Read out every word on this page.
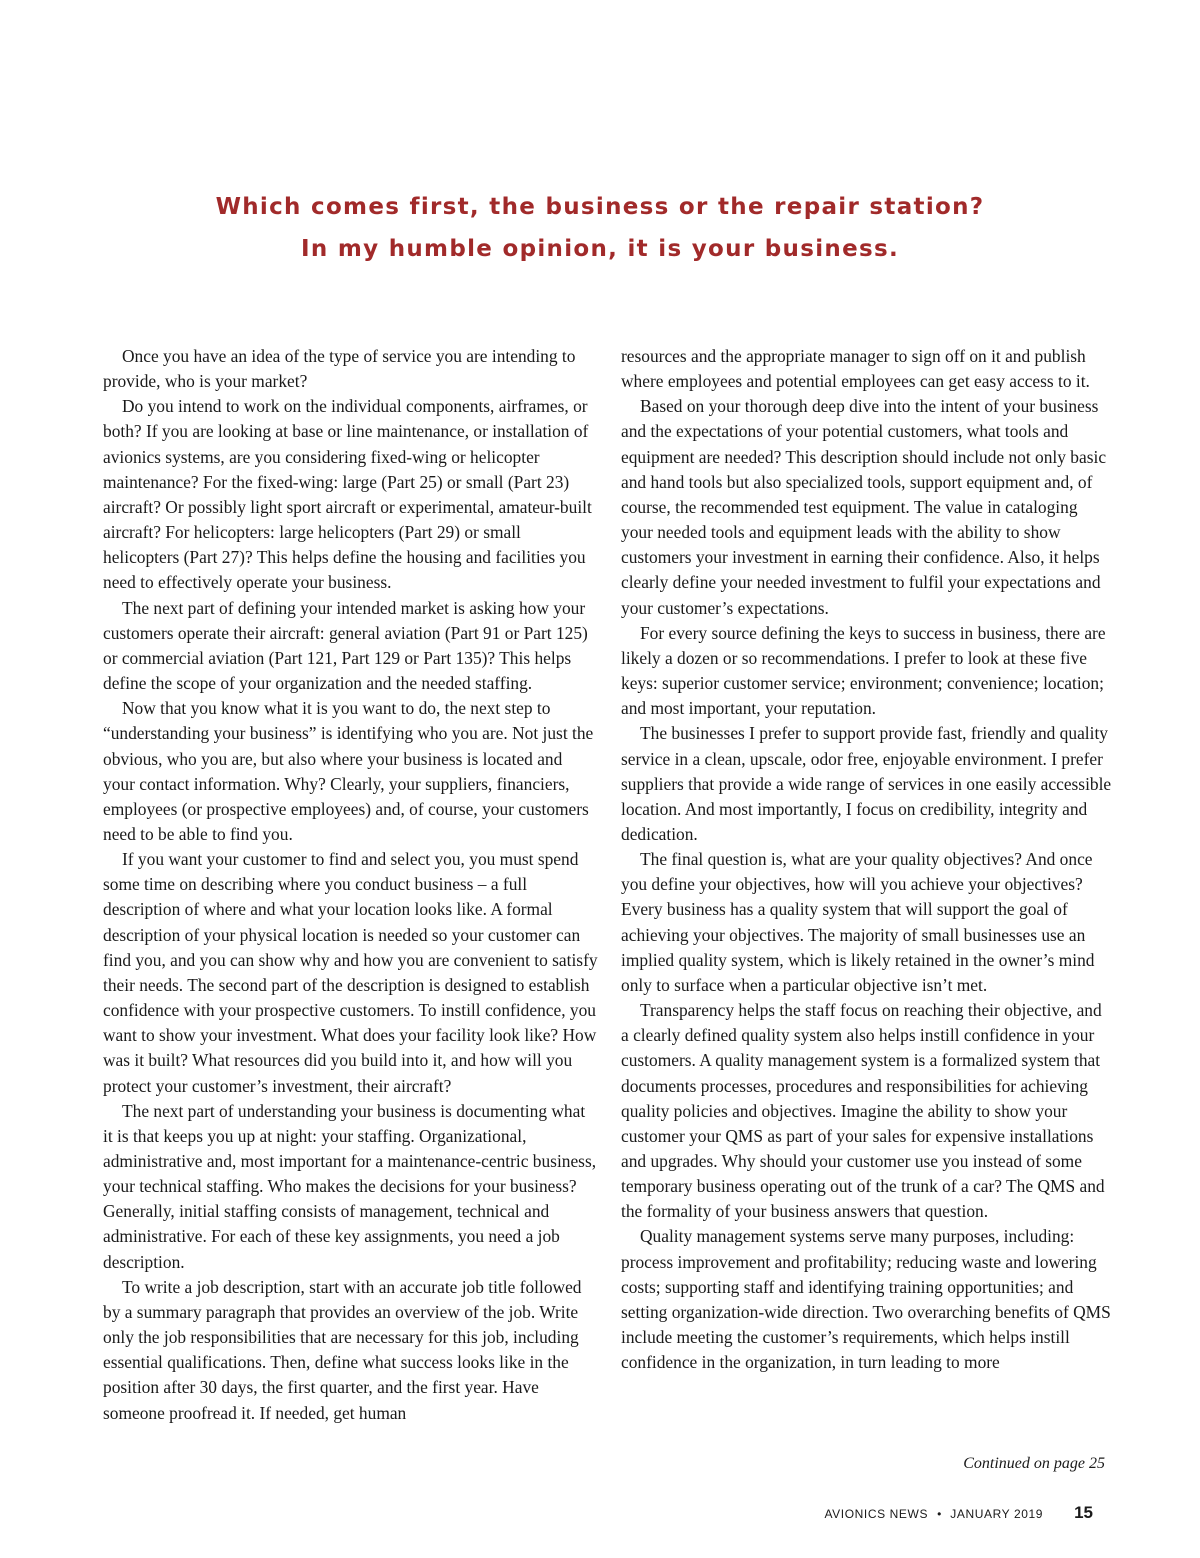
Which comes first, the business or the repair station?
In my humble opinion, it is your business.

Once you have an idea of the type of service you are intending to provide, who is your market?

Do you intend to work on the individual components, airframes, or both? If you are looking at base or line maintenance, or installation of avionics systems, are you considering fixed-wing or helicopter maintenance? For the fixed-wing: large (Part 25) or small (Part 23) aircraft? Or possibly light sport aircraft or experimental, amateur-built aircraft? For helicopters: large helicopters (Part 29) or small helicopters (Part 27)? This helps define the housing and facilities you need to effectively operate your business.

The next part of defining your intended market is asking how your customers operate their aircraft: general aviation (Part 91 or Part 125) or commercial aviation (Part 121, Part 129 or Part 135)? This helps define the scope of your organization and the needed staffing.

Now that you know what it is you want to do, the next step to “understanding your business” is identifying who you are. Not just the obvious, who you are, but also where your business is located and your contact information. Why? Clearly, your suppliers, financiers, employees (or prospective employees) and, of course, your customers need to be able to find you.

If you want your customer to find and select you, you must spend some time on describing where you conduct business – a full description of where and what your location looks like. A formal description of your physical location is needed so your customer can find you, and you can show why and how you are convenient to satisfy their needs. The second part of the description is designed to establish confidence with your prospective customers. To instill confidence, you want to show your investment. What does your facility look like? How was it built? What resources did you build into it, and how will you protect your customer’s investment, their aircraft?

The next part of understanding your business is documenting what it is that keeps you up at night: your staffing. Organizational, administrative and, most important for a maintenance-centric business, your technical staffing. Who makes the decisions for your business? Generally, initial staffing consists of management, technical and administrative. For each of these key assignments, you need a job description.

To write a job description, start with an accurate job title followed by a summary paragraph that provides an overview of the job. Write only the job responsibilities that are necessary for this job, including essential qualifications. Then, define what success looks like in the position after 30 days, the first quarter, and the first year. Have someone proofread it. If needed, get human

resources and the appropriate manager to sign off on it and publish where employees and potential employees can get easy access to it.

Based on your thorough deep dive into the intent of your business and the expectations of your potential customers, what tools and equipment are needed? This description should include not only basic and hand tools but also specialized tools, support equipment and, of course, the recommended test equipment. The value in cataloging your needed tools and equipment leads with the ability to show customers your investment in earning their confidence. Also, it helps clearly define your needed investment to fulfil your expectations and your customer’s expectations.

For every source defining the keys to success in business, there are likely a dozen or so recommendations. I prefer to look at these five keys: superior customer service; environment; convenience; location; and most important, your reputation.

The businesses I prefer to support provide fast, friendly and quality service in a clean, upscale, odor free, enjoyable environment. I prefer suppliers that provide a wide range of services in one easily accessible location. And most importantly, I focus on credibility, integrity and dedication.

The final question is, what are your quality objectives? And once you define your objectives, how will you achieve your objectives? Every business has a quality system that will support the goal of achieving your objectives. The majority of small businesses use an implied quality system, which is likely retained in the owner’s mind only to surface when a particular objective isn’t met.

Transparency helps the staff focus on reaching their objective, and a clearly defined quality system also helps instill confidence in your customers. A quality management system is a formalized system that documents processes, procedures and responsibilities for achieving quality policies and objectives. Imagine the ability to show your customer your QMS as part of your sales for expensive installations and upgrades. Why should your customer use you instead of some temporary business operating out of the trunk of a car? The QMS and the formality of your business answers that question.

Quality management systems serve many purposes, including: process improvement and profitability; reducing waste and lowering costs; supporting staff and identifying training opportunities; and setting organization-wide direction. Two overarching benefits of QMS include meeting the customer’s requirements, which helps instill confidence in the organization, in turn leading to more

Continued on page 25
AVIONICS NEWS • JANUARY 2019 15
